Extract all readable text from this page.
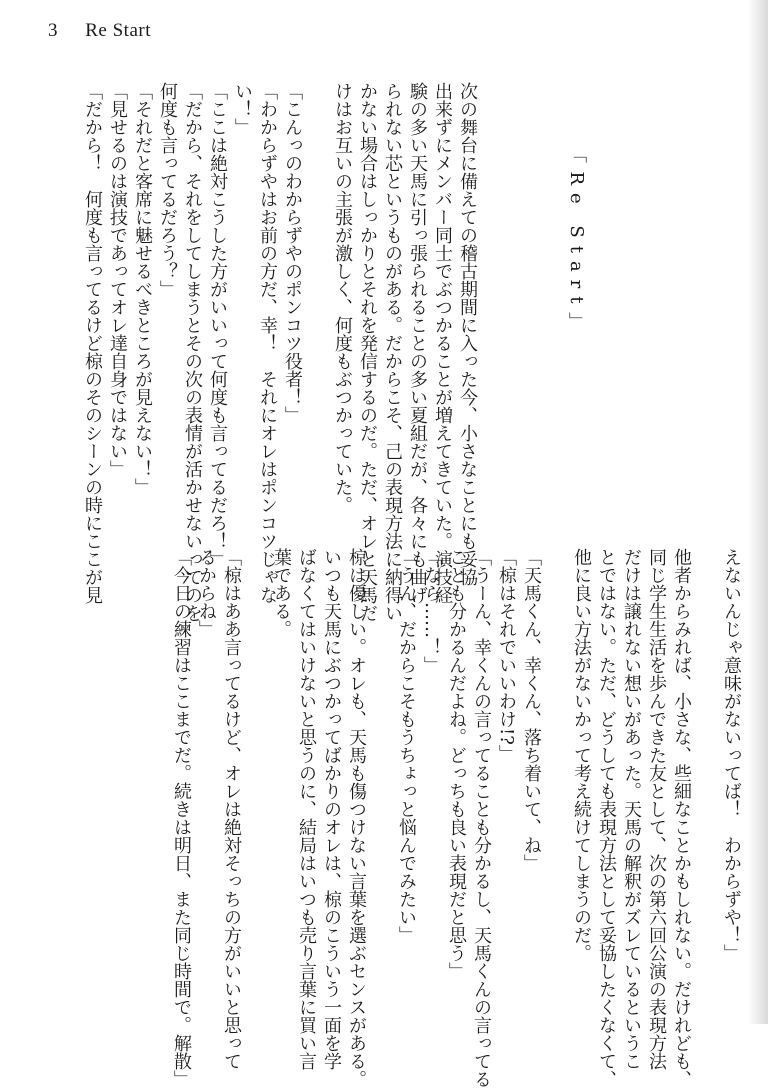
3 Re Start

「Re Start」

次の舞台に備えての稽古期間に入った今、小さなことにも妥協
出来ずにメンバー同士でぶつかることが増えてきていた。演技経
験の多い天馬に引っ張られることの多い夏組だが、各々にも曲げ
られない芯というものがある。だからこそ、己の表現方法に納得い
かない場合はしっかりとそれを発信するのだ。ただ、オレと天馬だ
けはお互いの主張が激しく、何度もぶつかっていた。

「こんっのわからずやのポンコツ役者！」
「わからずやはお前の方だ、幸！　それにオレはポンコツじゃな
い！」
「ここは絶対こうした方がいいって何度も言ってるだろ！」
「だから、それをしてしまうとその次の表情が活かせないってのを
何度も言ってるだろう？」
「それだと客席に魅せるべきところが見えない！」
「見せるのは演技であってオレ達自身ではない」
「だから！　何度も言ってるけど椋のそのシーンの時にここが見
えないんじゃ意味がないってば！　わからずや！」

他者からみれば、小さな、些細なことかもしれない。だけれども、
同じ学生生活を歩んできた友として、次の第六回公演の表現方法
だけは譲れない想いがあった。天馬の解釈がズレているというこ
とではない。ただ、どうしても表現方法として妥協したくなくて、
他に良い方法がないかって考え続けてしまうのだ。

「天馬くん、幸くん、落ち着いて、ね」
「椋はそれでいいわけ!?」
「うーん、幸くんの言ってることも分かるし、天馬くんの言ってる
ことも分かるんだよね。どっちも良い表現だと思う」
「なら……！」
「うん、だからこそもうちょっと悩んでみたい」

椋は優しい。オレも、天馬も傷つけない言葉を選ぶセンスがある。
いつも天馬にぶつかってばかりのオレは、椋のこういう一面を学
ばなくてはいけないと思うのに、結局はいつも売り言葉に買い言
葉である。

「椋はああ言ってるけど、オレは絶対そっちの方がいいと思って
るからね」
「今日の練習はここまでだ。続きは明日、また同じ時間で。解散」
